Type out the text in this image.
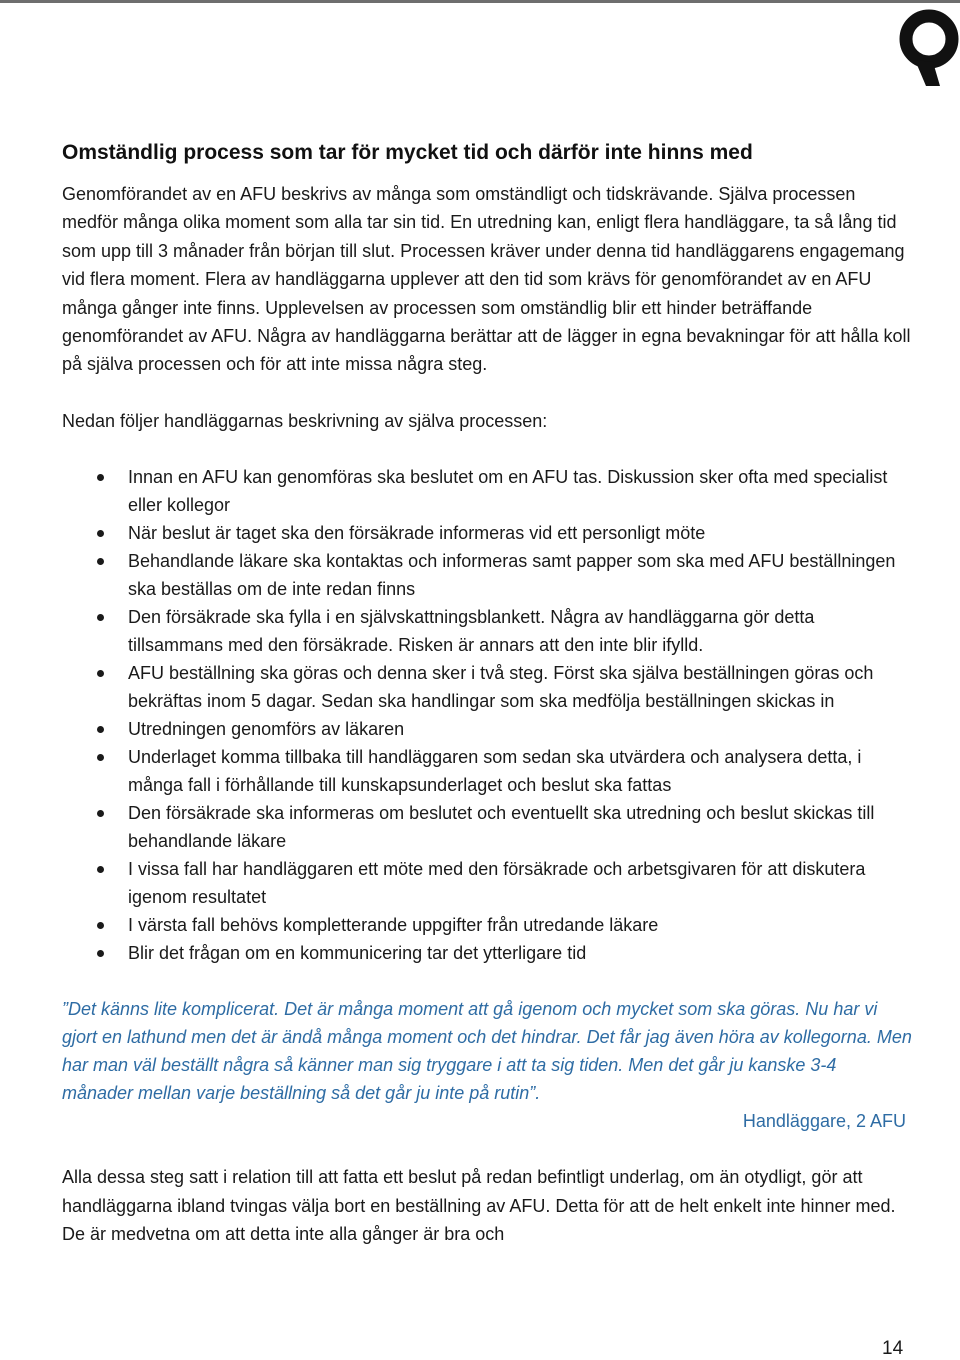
Omständlig process som tar för mycket tid och därför inte hinns med

Genomförandet av en AFU beskrivs av många som omständligt och tidskrävande. Själva processen medför många olika moment som alla tar sin tid. En utredning kan, enligt flera handläggare, ta så lång tid som upp till 3 månader från början till slut. Processen kräver under denna tid handläggarens engagemang vid flera moment. Flera av handläggarna upplever att den tid som krävs för genomförandet av en AFU många gånger inte finns. Upplevelsen av processen som omständlig blir ett hinder beträffande genomförandet av AFU. Några av handläggarna berättar att de lägger in egna bevakningar för att hålla koll på själva processen och för att inte missa några steg.

Nedan följer handläggarnas beskrivning av själva processen:

Innan en AFU kan genomföras ska beslutet om en AFU tas. Diskussion sker ofta med specialist eller kollegor
När beslut är taget ska den försäkrade informeras vid ett personligt möte
Behandlande läkare ska kontaktas och informeras samt papper som ska med AFU beställningen ska beställas om de inte redan finns
Den försäkrade ska fylla i en självskattningsblankett. Några av handläggarna gör detta tillsammans med den försäkrade. Risken är annars att den inte blir ifylld.
AFU beställning ska göras och denna sker i två steg. Först ska själva beställningen göras och bekräftas inom 5 dagar. Sedan ska handlingar som ska medfölja beställningen skickas in
Utredningen genomförs av läkaren
Underlaget komma tillbaka till handläggaren som sedan ska utvärdera och analysera detta, i många fall i förhållande till kunskapsunderlaget och beslut ska fattas
Den försäkrade ska informeras om beslutet och eventuellt ska utredning och beslut skickas till behandlande läkare
I vissa fall har handläggaren ett möte med den försäkrade och arbetsgivaren för att diskutera igenom resultatet
I värsta fall behövs kompletterande uppgifter från utredande läkare
Blir det frågan om en kommunicering tar det ytterligare tid

”Det känns lite komplicerat. Det är många moment att gå igenom och mycket som ska göras. Nu har vi gjort en lathund men det är ändå många moment och det hindrar. Det får jag även höra av kollegorna. Men har man väl beställt några så känner man sig tryggare i att ta sig tiden. Men det går ju kanske 3-4 månader mellan varje beställning så det går ju inte på rutin”.

Handläggare, 2 AFU

Alla dessa steg satt i relation till att fatta ett beslut på redan befintligt underlag, om än otydligt, gör att handläggarna ibland tvingas välja bort en beställning av AFU. Detta för att de helt enkelt inte hinner med. De är medvetna om att detta inte alla gånger är bra och

14
